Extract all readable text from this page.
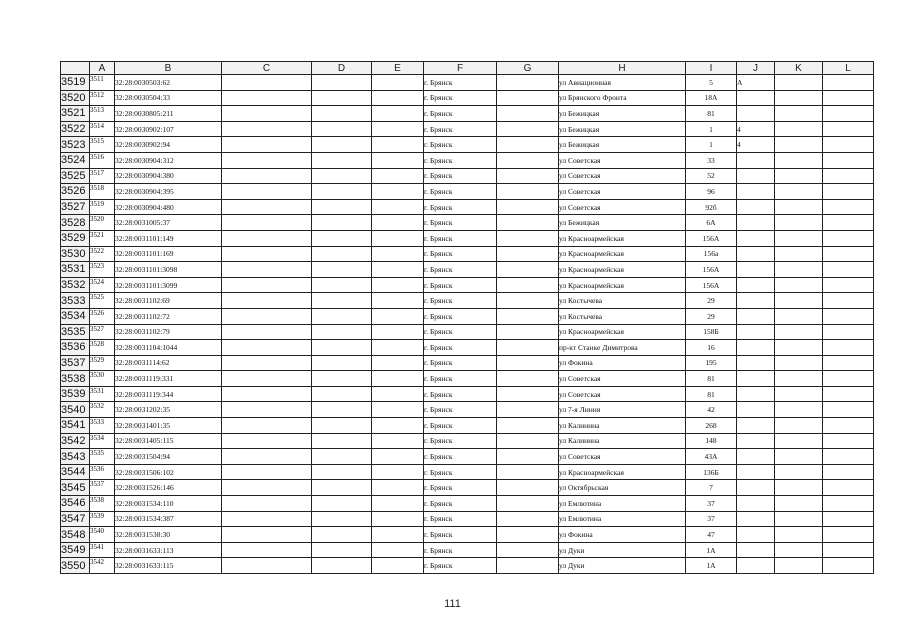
	A	B	C	D	E	F	G	H	I	J	K	L
3519	3511	32:28:0030503:62				г. Брянск		ул Авиационная	5	А		
3520	3512	32:28:0030504:33				г. Брянск		ул Брянского Фронта	18А			
3521	3513	32:28:0030805:211				г. Брянск		ул Бежицкая	81			
3522	3514	32:28:0030902:107				г. Брянск		ул Бежицкая	1	4		
3523	3515	32:28:0030902:94				г. Брянск		ул Бежицкая	1	4		
3524	3516	32:28:0030904:312				г. Брянск		ул Советская	33			
3525	3517	32:28:0030904:380				г. Брянск		ул Советская	52			
3526	3518	32:28:0030904:395				г. Брянск		ул Советская	96			
3527	3519	32:28:0030904:480				г. Брянск		ул Советская	92б			
3528	3520	32:28:0031005:37				г. Брянск		ул Бежицкая	6А			
3529	3521	32:28:0031101:149				г. Брянск		ул Красноармейская	156А			
3530	3522	32:28:0031101:169				г. Брянск		ул Красноармейская	156а			
3531	3523	32:28:0031101:3098				г. Брянск		ул Красноармейская	156А			
3532	3524	32:28:0031101:3099				г. Брянск		ул Красноармейская	156А			
3533	3525	32:28:0031102:69				г. Брянск		ул Костычева	29			
3534	3526	32:28:0031102:72				г. Брянск		ул Костычева	29			
3535	3527	32:28:0031102:79				г. Брянск		ул Красноармейская	158Б			
3536	3528	32:28:0031104:1044				г. Брянск		пр-кт Станке Димитрова	16			
3537	3529	32:28:0031114:62				г. Брянск		ул Фокина	195			
3538	3530	32:28:0031119:331				г. Брянск		ул Советская	81			
3539	3531	32:28:0031119:344				г. Брянск		ул Советская	81			
3540	3532	32:28:0031202:35				г. Брянск		ул 7-я Линия	42			
3541	3533	32:28:0031401:35				г. Брянск		ул Калинина	268			
3542	3534	32:28:0031405:115				г. Брянск		ул Калинина	148			
3543	3535	32:28:0031504:94				г. Брянск		ул Советская	43А			
3544	3536	32:28:0031506:102				г. Брянск		ул Красноармейская	136Б			
3545	3537	32:28:0031526:146				г. Брянск		ул Октябрьская	7			
3546	3538	32:28:0031534:110				г. Брянск		ул Емлютина	37			
3547	3539	32:28:0031534:387				г. Брянск		ул Емлютина	37			
3548	3540	32:28:0031538:30				г. Брянск		ул Фокина	47			
3549	3541	32:28:0031633:113				г. Брянск		ул Дуки	1А			
3550	3542	32:28:0031633:115				г. Брянск		ул Дуки	1А			
111
